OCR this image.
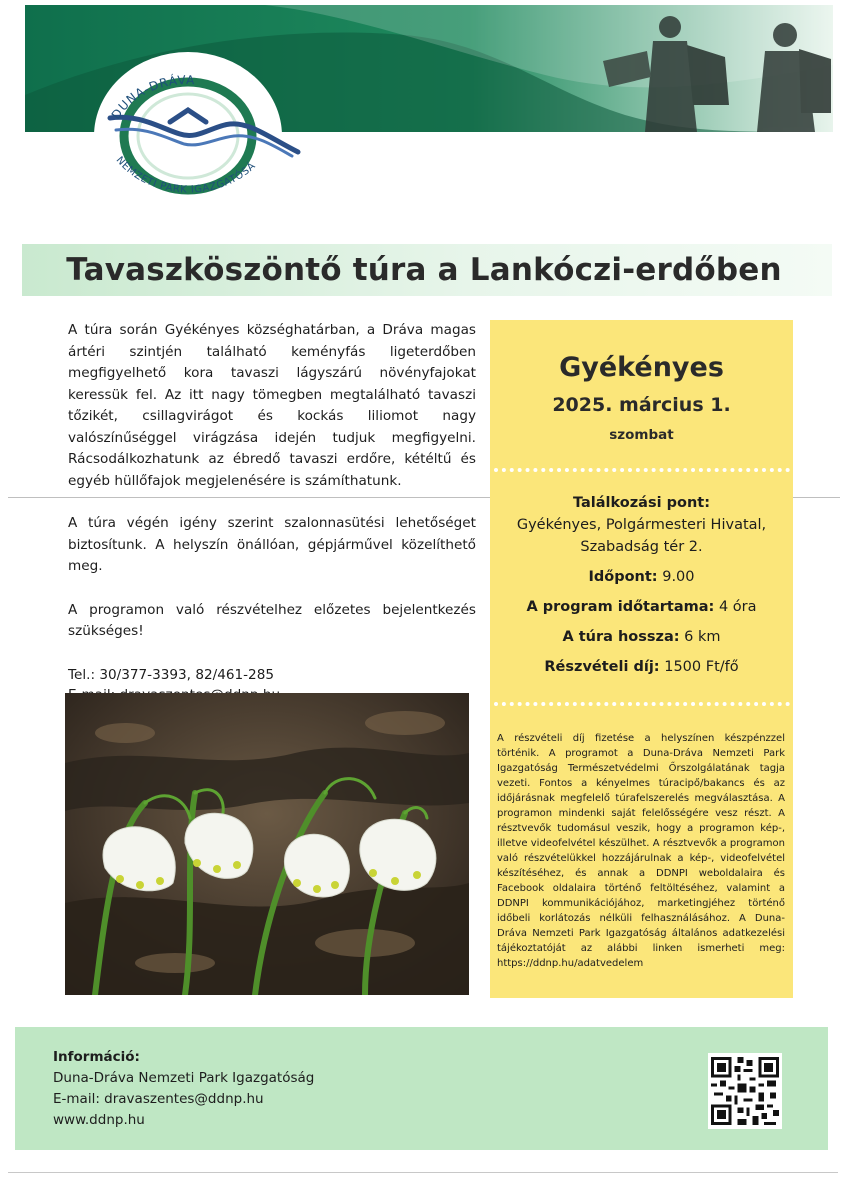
DUNA-DRÁVA
NEMZETI PARK IGAZGATÓSÁ
Tavaszköszöntő túra a Lankóczi-erdőben

A túra során Gyékényes községhatárban, a Dráva magas ártéri szintjén található keményfás ligeterdőben megfigyelhető kora tavaszi lágyszárú növényfajokat keressük fel. Az itt nagy tömegben megtalálható tavaszi tőzikét, csillagvirágot és kockás liliomot nagy valószínűséggel virágzása idején tudjuk megfigyelni. Rácsodálkozhatunk az ébredő tavaszi erdőre, kétéltű és egyéb hüllőfajok megjelenésére is számíthatunk.

A túra végén igény szerint szalonnasütési lehetőséget biztosítunk. A helyszín önállóan, gépjárművel közelíthető meg.

A programon való részvételhez előzetes bejelentkezés szükséges!

Tel.: 30/377-3393, 82/461-285
Gyékényes
2025. március 1.
szombat
Találkozási pont:
Gyékényes, Polgármesteri Hivatal,
Szabadság tér 2.
Időpont: 9.00
A program időtartama: 4 óra
A túra hossza: 6 km
Részvételi díj: 1500 Ft/fő
A részvételi díj fizetése a helyszínen készpénzzel történik. A programot a Duna-Dráva Nemzeti Park Igazgatóság Természetvédelmi Őrszolgálatának tagja vezeti. Fontos a kényelmes túracipő/bakancs és az időjárásnak megfelelő túrafelszerelés megválasztása. A programon mindenki saját felelősségére vesz részt. A résztvevők tudomásul veszik, hogy a programon kép-, illetve videofelvétel készülhet. A résztvevők a programon való részvételükkel hozzájárulnak a kép-, videofelvétel készítéséhez, és annak a DDNPI weboldalaira és Facebook oldalaira történő feltöltéséhez, valamint a DDNPI kommunikációjához, marketingjéhez történő időbeli korlátozás nélküli felhasználásához. A Duna-Dráva Nemzeti Park Igazgatóság általános adatkezelési tájékoztatóját az alábbi linken ismerheti meg: https://ddnp.hu/adatvedelem
Információ:
Duna-Dráva Nemzeti Park Igazgatóság
E-mail: dravaszentes@ddnp.hu
www.ddnp.hu
